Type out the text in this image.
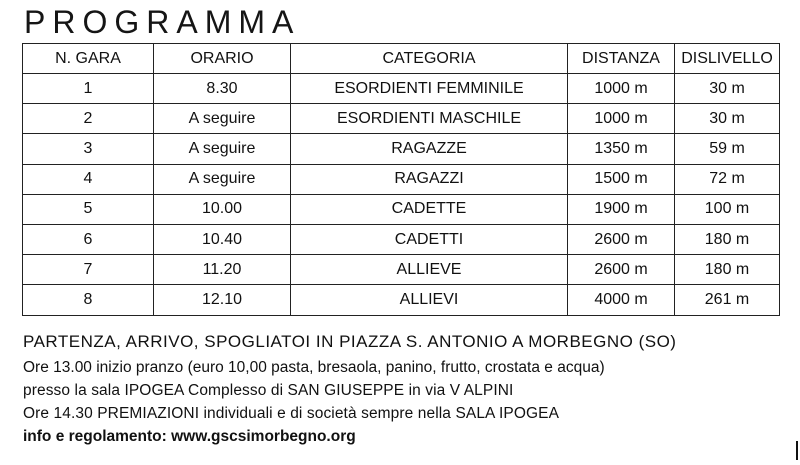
PROGRAMMA
N. GARA	ORARIO	CATEGORIA	DISTANZA	DISLIVELLO
1	8.30	ESORDIENTI FEMMINILE	1000 m	30 m
2	A seguire	ESORDIENTI MASCHILE	1000 m	30 m
3	A seguire	RAGAZZE	1350 m	59 m
4	A seguire	RAGAZZI	1500 m	72 m
5	10.00	CADETTE	1900 m	100 m
6	10.40	CADETTI	2600 m	180 m
7	11.20	ALLIEVE	2600 m	180 m
8	12.10	ALLIEVI	4000 m	261 m
PARTENZA, ARRIVO, SPOGLIATOI IN PIAZZA S. ANTONIO A MORBEGNO (SO)
Ore 13.00 inizio pranzo (euro 10,00 pasta, bresaola, panino, frutto, crostata e acqua)
presso la sala IPOGEA Complesso di SAN GIUSEPPE in via V ALPINI
Ore 14.30 PREMIAZIONI individuali e di società sempre nella SALA IPOGEA
info e regolamento: www.gscsimorbegno.org
